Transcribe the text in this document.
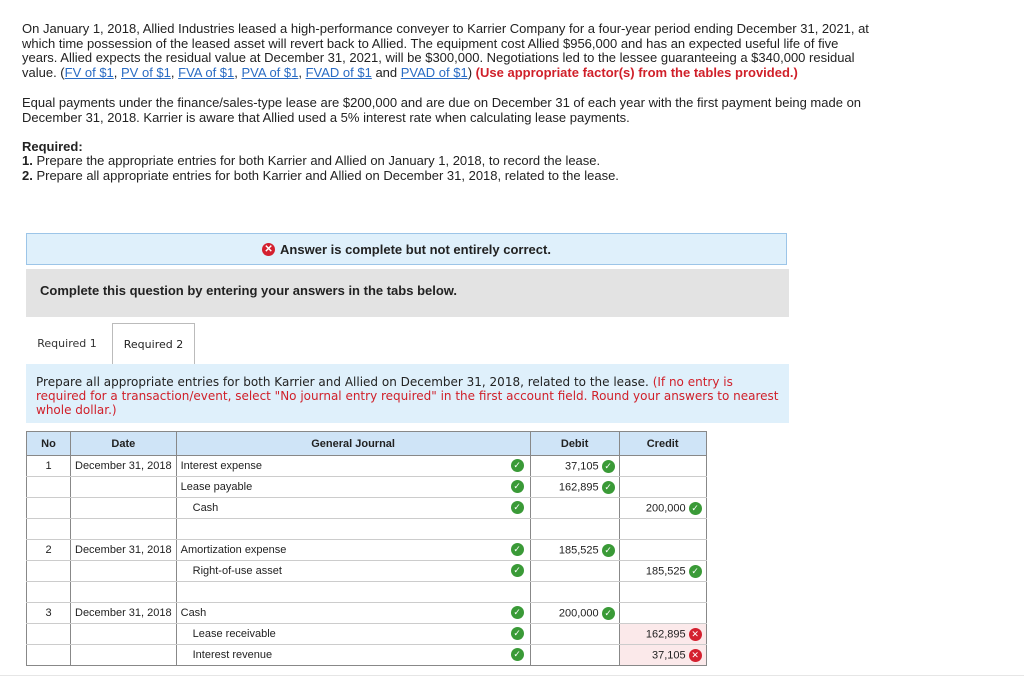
On January 1, 2018, Allied Industries leased a high-performance conveyer to Karrier Company for a four-year period ending December 31, 2021, at which time possession of the leased asset will revert back to Allied. The equipment cost Allied $956,000 and has an expected useful life of five years. Allied expects the residual value at December 31, 2021, will be $300,000. Negotiations led to the lessee guaranteeing a $340,000 residual value. (FV of $1, PV of $1, FVA of $1, PVA of $1, FVAD of $1 and PVAD of $1) (Use appropriate factor(s) from the tables provided.)

Equal payments under the finance/sales-type lease are $200,000 and are due on December 31 of each year with the first payment being made on December 31, 2018. Karrier is aware that Allied used a 5% interest rate when calculating lease payments.

Required:

1. Prepare the appropriate entries for both Karrier and Allied on January 1, 2018, to record the lease.

2. Prepare all appropriate entries for both Karrier and Allied on December 31, 2018, related to the lease.

✕ Answer is complete but not entirely correct.
Complete this question by entering your answers in the tabs below.
Required 1	Required 2
Prepare all appropriate entries for both Karrier and Allied on December 31, 2018, related to the lease. (If no entry is required for a transaction/event, select "No journal entry required" in the first account field. Round your answers to nearest whole dollar.)
No	Date	General Journal	Debit	Credit
1	December 31, 2018	Interest expense ✓	37,105 ✓	
		Lease payable ✓	162,895 ✓	
		Cash ✓		200,000 ✓

2	December 31, 2018	Amortization expense ✓	185,525 ✓	
		Right-of-use asset ✓		185,525 ✓

3	December 31, 2018	Cash ✓	200,000 ✓	
		Lease receivable ✓		162,895 ✕
		Interest revenue ✓		37,105 ✕
